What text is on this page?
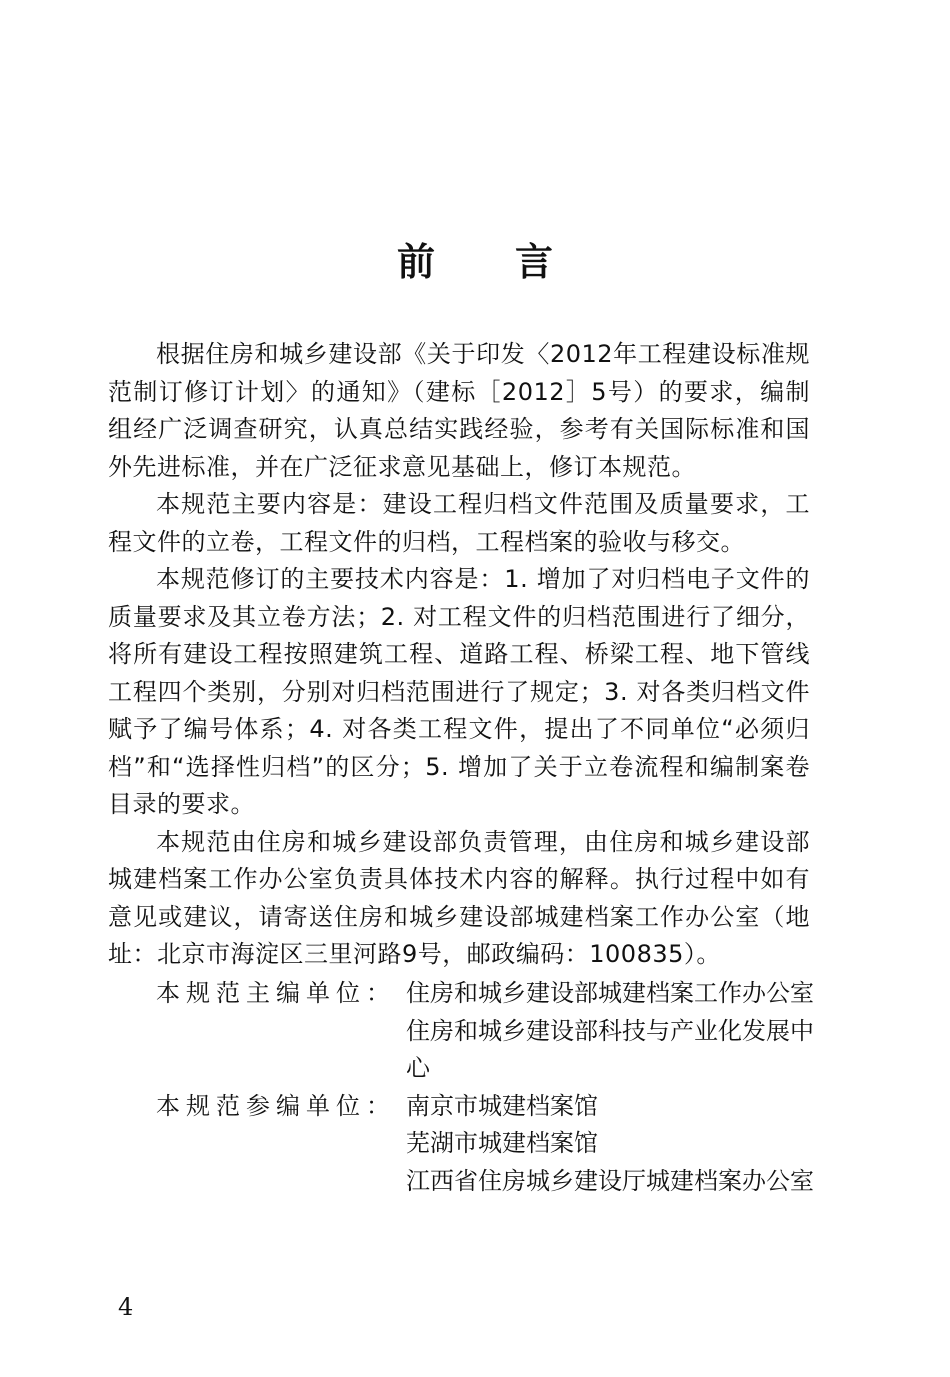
前 言

根据住房和城乡建设部《关于印发〈2012年工程建设标准规范制订修订计划〉的通知》（建标［2012］5号）的要求，编制组经广泛调查研究，认真总结实践经验，参考有关国际标准和国外先进标准，并在广泛征求意见基础上，修订本规范。

本规范主要内容是：建设工程归档文件范围及质量要求，工程文件的立卷，工程文件的归档，工程档案的验收与移交。

本规范修订的主要技术内容是：1. 增加了对归档电子文件的质量要求及其立卷方法；2. 对工程文件的归档范围进行了细分，将所有建设工程按照建筑工程、道路工程、桥梁工程、地下管线工程四个类别，分别对归档范围进行了规定；3. 对各类归档文件赋予了编号体系；4. 对各类工程文件，提出了不同单位“必须归档”和“选择性归档”的区分；5. 增加了关于立卷流程和编制案卷目录的要求。

本规范由住房和城乡建设部负责管理，由住房和城乡建设部城建档案工作办公室负责具体技术内容的解释。执行过程中如有意见或建议，请寄送住房和城乡建设部城建档案工作办公室（地址：北京市海淀区三里河路9号，邮政编码：100835）。

本规范主编单位： 住房和城乡建设部城建档案工作办公室
住房和城乡建设部科技与产业化发展中心
本规范参编单位： 南京市城建档案馆
芜湖市城建档案馆
江西省住房城乡建设厅城建档案办公室
4
